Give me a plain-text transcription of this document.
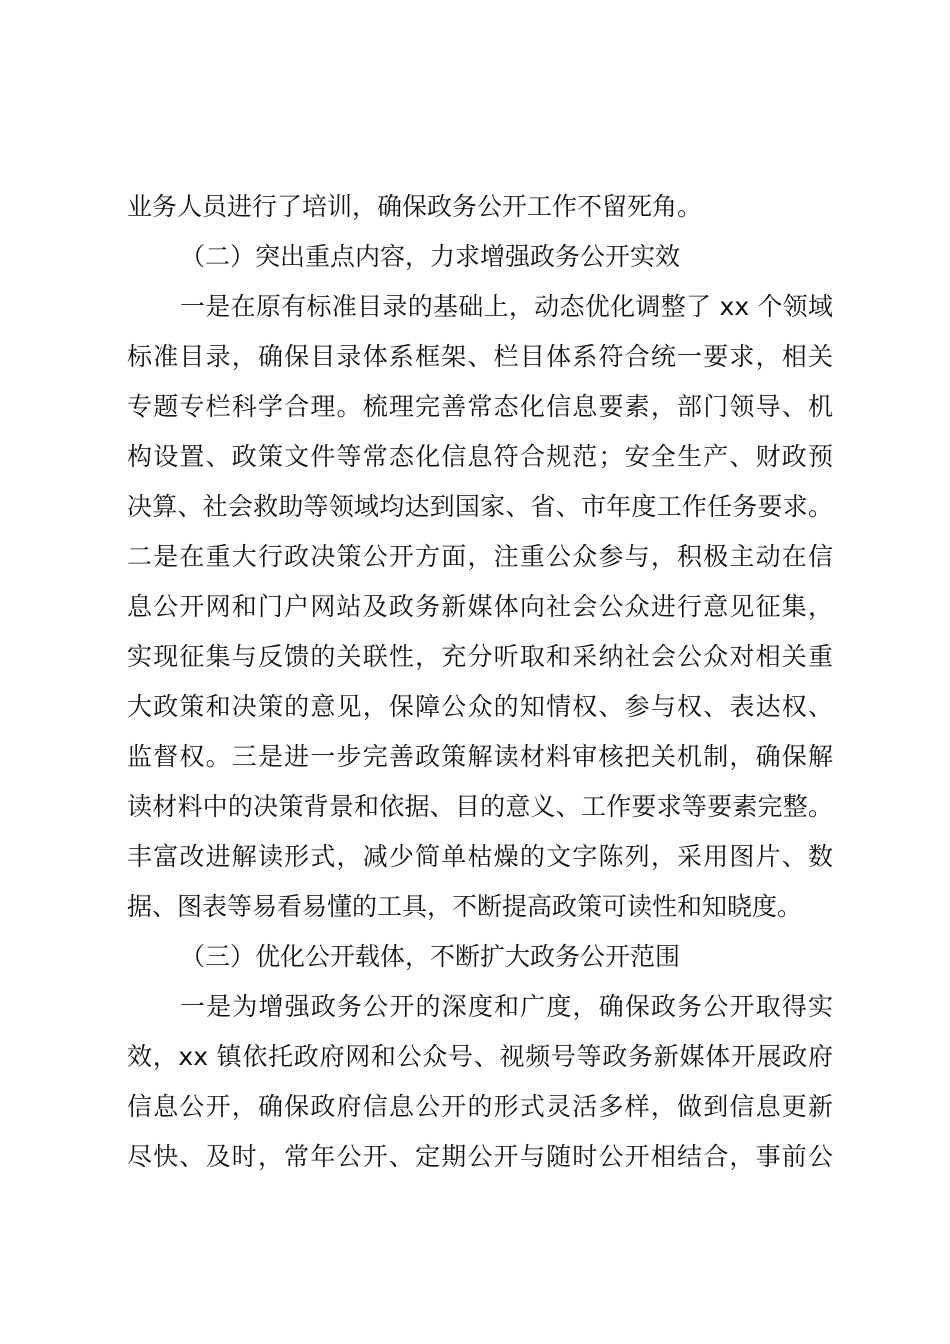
业务人员进行了培训，确保政务公开工作不留死角。
（二）突出重点内容，力求增强政务公开实效
一是在原有标准目录的基础上，动态优化调整了 xx 个领域
标准目录，确保目录体系框架、栏目体系符合统一要求，相关
专题专栏科学合理。梳理完善常态化信息要素，部门领导、机
构设置、政策文件等常态化信息符合规范；安全生产、财政预
决算、社会救助等领域均达到国家、省、市年度工作任务要求。
二是在重大行政决策公开方面，注重公众参与，积极主动在信
息公开网和门户网站及政务新媒体向社会公众进行意见征集，
实现征集与反馈的关联性，充分听取和采纳社会公众对相关重
大政策和决策的意见，保障公众的知情权、参与权、表达权、
监督权。三是进一步完善政策解读材料审核把关机制，确保解
读材料中的决策背景和依据、目的意义、工作要求等要素完整。
丰富改进解读形式，减少简单枯燥的文字陈列，采用图片、数
据、图表等易看易懂的工具，不断提高政策可读性和知晓度。
（三）优化公开载体，不断扩大政务公开范围
一是为增强政务公开的深度和广度，确保政务公开取得实
效，xx 镇依托政府网和公众号、视频号等政务新媒体开展政府
信息公开，确保政府信息公开的形式灵活多样，做到信息更新
尽快、及时，常年公开、定期公开与随时公开相结合，事前公
